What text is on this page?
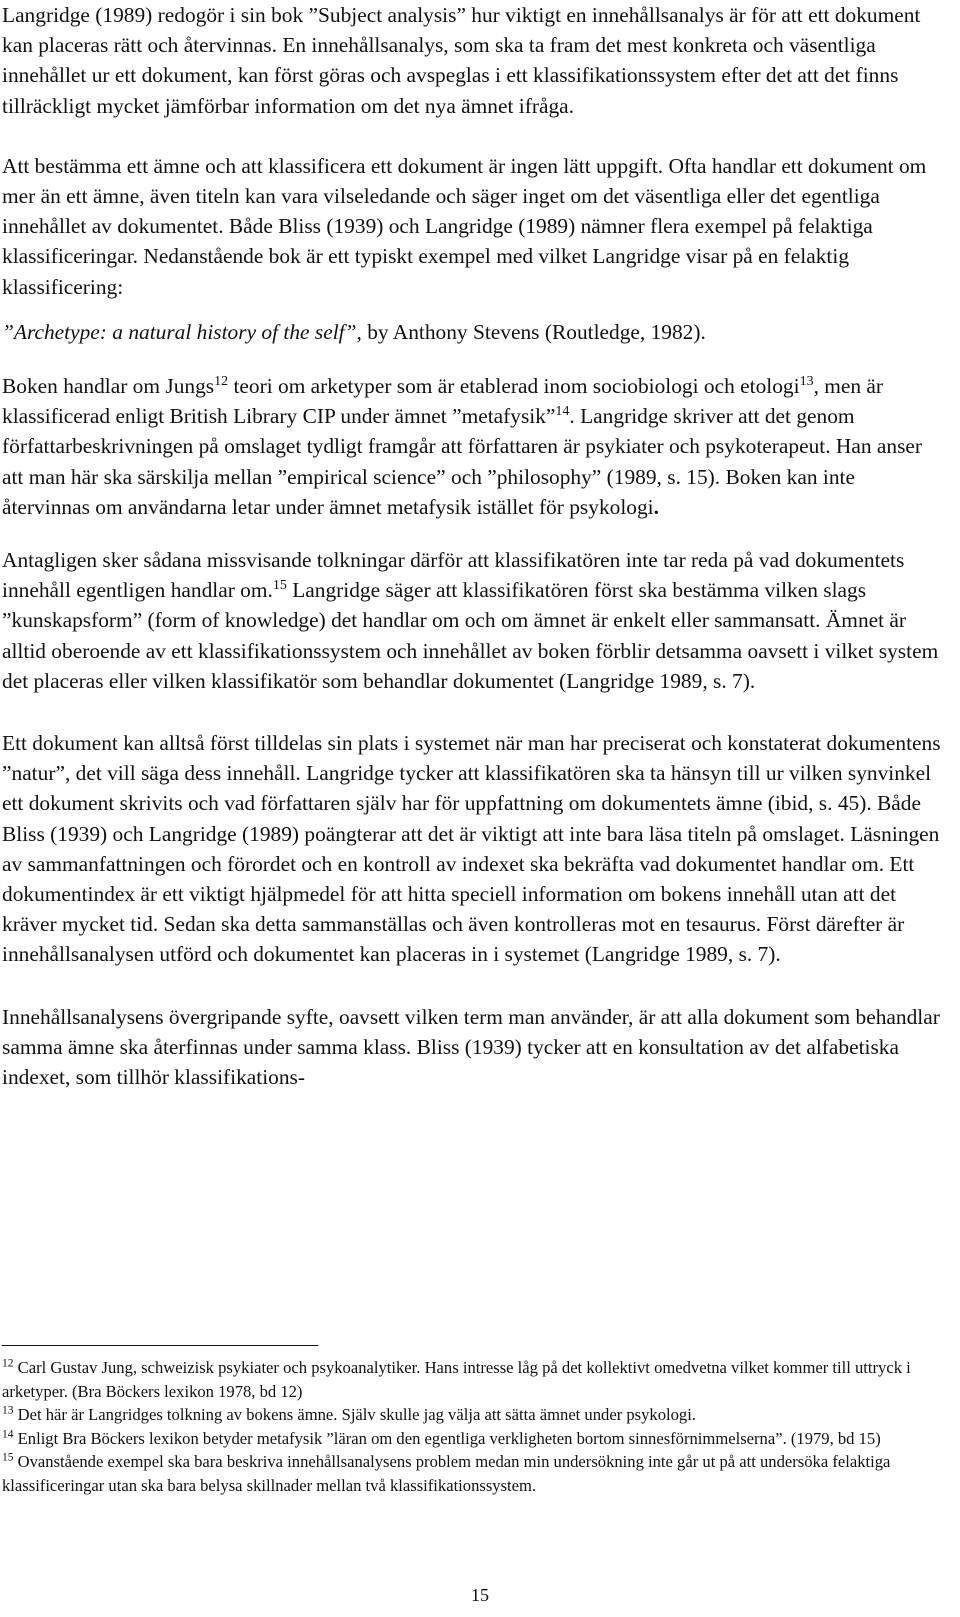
Langridge (1989) redogör i sin bok ”Subject analysis” hur viktigt en innehållsanalys är för att ett dokument kan placeras rätt och återvinnas. En innehållsanalys, som ska ta fram det mest konkreta och väsentliga innehållet ur ett dokument, kan först göras och avspeglas i ett klassifikationssystem efter det att det finns tillräckligt mycket jämförbar information om det nya ämnet ifråga.

Att bestämma ett ämne och att klassificera ett dokument är ingen lätt uppgift. Ofta handlar ett dokument om mer än ett ämne, även titeln kan vara vilseledande och säger inget om det väsentliga eller det egentliga innehållet av dokumentet. Både Bliss (1939) och Langridge (1989) nämner flera exempel på felaktiga klassificeringar. Nedanstående bok är ett typiskt exempel med vilket Langridge visar på en felaktig klassificering:

”Archetype: a natural history of the self”, by Anthony Stevens (Routledge, 1982).

Boken handlar om Jungs$^{12}$ teori om arketyper som är etablerad inom sociobiologi och etologi$^{13}$, men är klassificerad enligt British Library CIP under ämnet ”metafysik”$^{14}$. Langridge skriver att det genom författarbeskrivningen på omslaget tydligt framgår att författaren är psykiater och psykoterapeut. Han anser att man här ska särskilja mellan ”empirical science” och ”philosophy” (1989, s. 15). Boken kan inte återvinnas om användarna letar under ämnet metafysik istället för psykologi.

Antagligen sker sådana missvisande tolkningar därför att klassifikatören inte tar reda på vad dokumentets innehåll egentligen handlar om.$^{15}$ Langridge säger att klassifikatören först ska bestämma vilken slags ”kunskapsform” (form of knowledge) det handlar om och om ämnet är enkelt eller sammansatt. Ämnet är alltid oberoende av ett klassifikationssystem och innehållet av boken förblir detsamma oavsett i vilket system det placeras eller vilken klassifikatör som behandlar dokumentet (Langridge 1989, s. 7).

Ett dokument kan alltså först tilldelas sin plats i systemet när man har preciserat och konstaterat dokumentens ”natur”, det vill säga dess innehåll. Langridge tycker att klassifikatören ska ta hänsyn till ur vilken synvinkel ett dokument skrivits och vad författaren själv har för uppfattning om dokumentets ämne (ibid, s. 45). Både Bliss (1939) och Langridge (1989) poängterar att det är viktigt att inte bara läsa titeln på omslaget. Läsningen av sammanfattningen och förordet och en kontroll av indexet ska bekräfta vad dokumentet handlar om. Ett dokumentindex är ett viktigt hjälpmedel för att hitta speciell information om bokens innehåll utan att det kräver mycket tid. Sedan ska detta sammanställas och även kontrolleras mot en tesaurus. Först därefter är innehållsanalysen utförd och dokumentet kan placeras in i systemet (Langridge 1989, s. 7).

Innehållsanalysens övergripande syfte, oavsett vilken term man använder, är att alla dokument som behandlar samma ämne ska återfinnas under samma klass. Bliss (1939) tycker att en konsultation av det alfabetiska indexet, som tillhör klassifikations-

$^{12}$ Carl Gustav Jung, schweizisk psykiater och psykoanalytiker. Hans intresse låg på det kollektivt omedvetna vilket kommer till uttryck i arketyper. (Bra Böckers lexikon 1978, bd 12)

$^{13}$ Det här är Langridges tolkning av bokens ämne. Själv skulle jag välja att sätta ämnet under psykologi.

$^{14}$ Enligt Bra Böckers lexikon betyder metafysik ”läran om den egentliga verkligheten bortom sinnesförnimmelserna”. (1979, bd 15)

$^{15}$ Ovanstående exempel ska bara beskriva innehållsanalysens problem medan min undersökning inte går ut på att undersöka felaktiga klassificeringar utan ska bara belysa skillnader mellan två klassifikationssystem.

15
